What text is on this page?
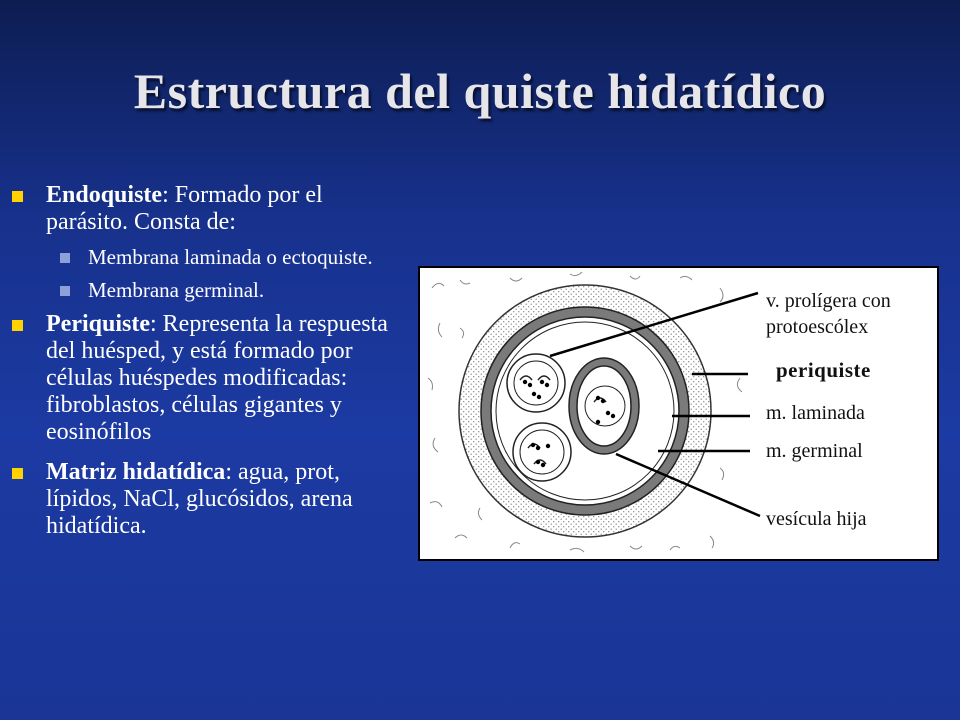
Estructura del quiste hidatídico
Endoquiste: Formado por el parásito. Consta de:
Membrana laminada o ectoquiste.
Membrana germinal.
Periquiste: Representa la respuesta del huésped, y está formado por células huéspedes modificadas: fibroblastos, células gigantes y eosinófilos
Matriz hidatídica: agua, prot, lípidos, NaCl, glucósidos, arena hidatídica.
v. prolígera con
protoescólex
periquiste
m. laminada
m. germinal
vesícula hija
